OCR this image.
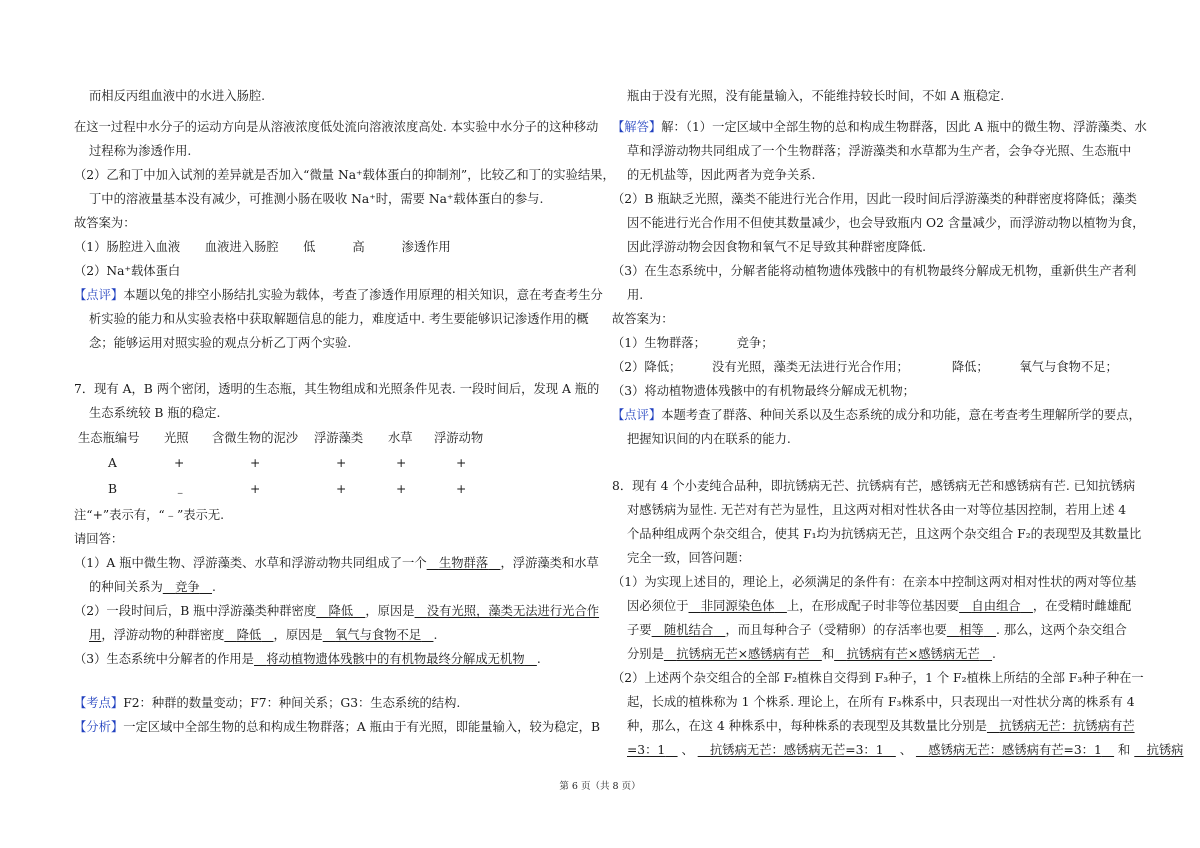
而相反丙组血液中的水进入肠腔.
在这一过程中水分子的运动方向是从溶液浓度低处流向溶液浓度高处. 本实验中水分子的这种移动
过程称为渗透作用.
（2）乙和丁中加入试剂的差异就是否加入“微量 Na⁺载体蛋白的抑制剂”，比较乙和丁的实验结果，
丁中的溶液量基本没有减少，可推测小肠在吸收 Na⁺时，需要 Na⁺载体蛋白的参与.
故答案为：
（1）肠腔进入血液　　血液进入肠腔　　低　　　高　　　渗透作用
（2）Na⁺载体蛋白
【点评】本题以兔的排空小肠结扎实验为载体，考查了渗透作用原理的相关知识，意在考查考生分
析实验的能力和从实验表格中获取解题信息的能力，难度适中. 考生要能够识记渗透作用的概
念；能够运用对照实验的观点分析乙丁两个实验.
7．现有 A，B 两个密闭，透明的生态瓶，其生物组成和光照条件见表. 一段时间后，发现 A 瓶的
生态系统较 B 瓶的稳定.
生态瓶编号 光照 含微生物的泥沙 浮游藻类 水草 浮游动物
A	+	+	+	+	+
B	﹣	+	+	+	+
注“+”表示有，“﹣”表示无.
请回答：
（1）A 瓶中微生物、浮游藻类、水草和浮游动物共同组成了一个　 生物群落　 ，浮游藻类和水草
的种间关系为　 竞争　 .
（2）一段时间后，B 瓶中浮游藻类种群密度　 降低　 ，原因是　 没有光照，藻类无法进行光合作
用，浮游动物的种群密度　 降低　 ，原因是　 氧气与食物不足　 .
（3）生态系统中分解者的作用是　 将动植物遗体残骸中的有机物最终分解成无机物　 .
【考点】F2：种群的数量变动；F7：种间关系；G3：生态系统的结构.
【分析】一定区域中全部生物的总和构成生物群落；A 瓶由于有光照，即能量输入，较为稳定，B
瓶由于没有光照，没有能量输入，不能维持较长时间，不如 A 瓶稳定.
【解答】解：（1）一定区域中全部生物的总和构成生物群落，因此 A 瓶中的微生物、浮游藻类、水
草和浮游动物共同组成了一个生物群落；浮游藻类和水草都为生产者，会争夺光照、生态瓶中
的无机盐等，因此两者为竞争关系.
（2）B 瓶缺乏光照，藻类不能进行光合作用，因此一段时间后浮游藻类的种群密度将降低；藻类
因不能进行光合作用不但使其数量减少，也会导致瓶内 O2 含量减少，而浮游动物以植物为食，
因此浮游动物会因食物和氧气不足导致其种群密度降低.
（3）在生态系统中，分解者能将动植物遗体残骸中的有机物最终分解成无机物，重新供生产者利
用.
故答案为：
（1）生物群落；　　　竞争；
（2）降低；　　　没有光照，藻类无法进行光合作用；　　　　降低；　　　氧气与食物不足；
（3）将动植物遗体残骸中的有机物最终分解成无机物；
【点评】本题考查了群落、种间关系以及生态系统的成分和功能，意在考查考生理解所学的要点，
把握知识间的内在联系的能力.
8．现有 4 个小麦纯合品种，即抗锈病无芒、抗锈病有芒，感锈病无芒和感锈病有芒. 已知抗锈病
对感锈病为显性. 无芒对有芒为显性，且这两对相对性状各由一对等位基因控制，若用上述 4
个品种组成两个杂交组合，使其 F₁均为抗锈病无芒，且这两个杂交组合 F₂的表现型及其数量比
完全一致，回答问题：
（1）为实现上述目的，理论上，必须满足的条件有：在亲本中控制这两对相对性状的两对等位基
因必须位于　 非同源染色体　 上，在形成配子时非等位基因要　 自由组合　 ，在受精时雌雄配
子要　 随机结合　 ，而且每种合子（受精卵）的存活率也要　 相等　 . 那么，这两个杂交组合
分别是　 抗锈病无芒×感锈病有芒　 和　 抗锈病有芒×感锈病无芒　 .
（2）上述两个杂交组合的全部 F₂植株自交得到 F₃种子，1 个 F₂植株上所结的全部 F₃种子种在一
起，长成的植株称为 1 个株系. 理论上，在所有 F₃株系中，只表现出一对性状分离的株系有 4
种，那么，在这 4 种株系中，每种株系的表现型及其数量比分别是　 抗锈病无芒：抗锈病有芒
=3：1　 、 　抗锈病无芒：感锈病无芒=3：1　 、 　感锈病无芒：感锈病有芒=3：1　 和 　 抗锈病
第 6 页（共 8 页）
